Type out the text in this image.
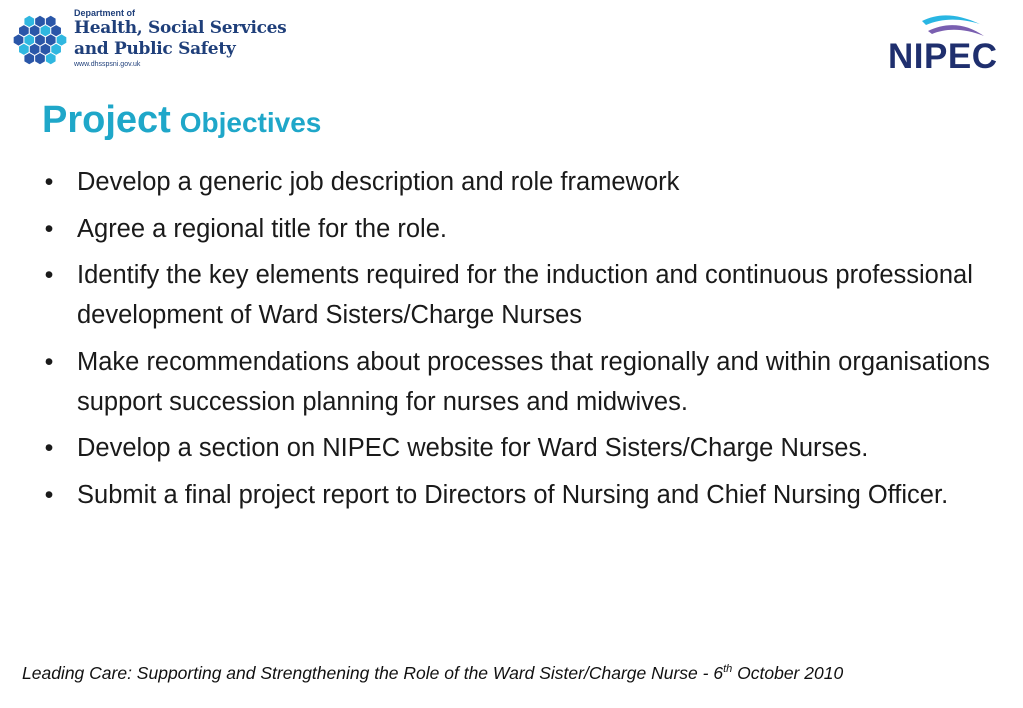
Department of
Health, Social Services
and Public Safety
www.dhsspsni.gov.uk	NIPEC
Project Objectives
• Develop a generic job description and role framework
• Agree a regional title for the role.
• Identify the key elements required for the induction and continuous professional development of Ward Sisters/Charge Nurses
• Make recommendations about processes that regionally and within organisations support succession planning for nurses and midwives.
• Develop a section on NIPEC website for Ward Sisters/Charge Nurses.
• Submit a final project report to Directors of Nursing and Chief Nursing Officer.
Leading Care: Supporting and Strengthening the Role of the Ward Sister/Charge Nurse - 6th October 2010
